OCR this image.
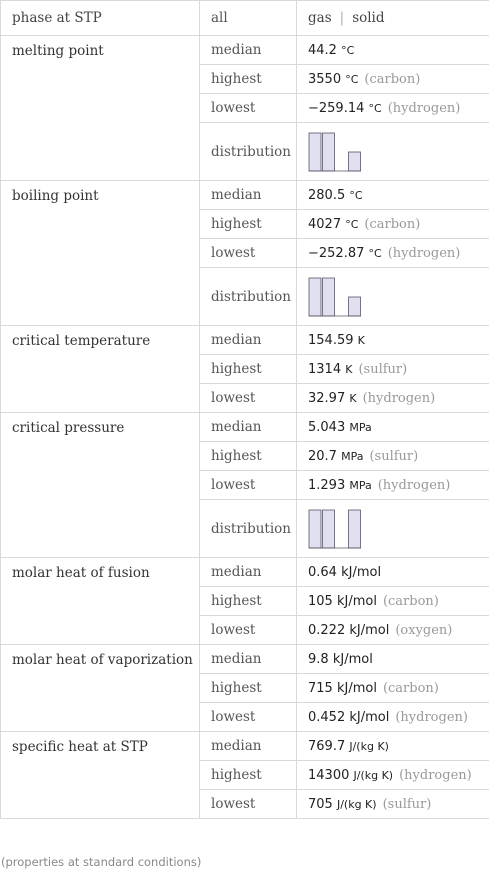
phase at STP	all	gas | solid
melting point	median	44.2 °C
	highest	3550 °C (carbon)
	lowest	−259.14 °C (hydrogen)
	distribution	

boiling point	median	280.5 °C
	highest	4027 °C (carbon)
	lowest	−252.87 °C (hydrogen)
	distribution	

critical temperature	median	154.59 K
	highest	1314 K (sulfur)
	lowest	32.97 K (hydrogen)
critical pressure	median	5.043 MPa
	highest	20.7 MPa (sulfur)
	lowest	1.293 MPa (hydrogen)
	distribution	

molar heat of fusion	median	0.64 kJ/mol
	highest	105 kJ/mol (carbon)
	lowest	0.222 kJ/mol (oxygen)
molar heat of vaporization	median	9.8 kJ/mol
	highest	715 kJ/mol (carbon)
	lowest	0.452 kJ/mol (hydrogen)
specific heat at STP	median	769.7 J/(kg K)
	highest	14300 J/(kg K) (hydrogen)
	lowest	705 J/(kg K) (sulfur)
(properties at standard conditions)
